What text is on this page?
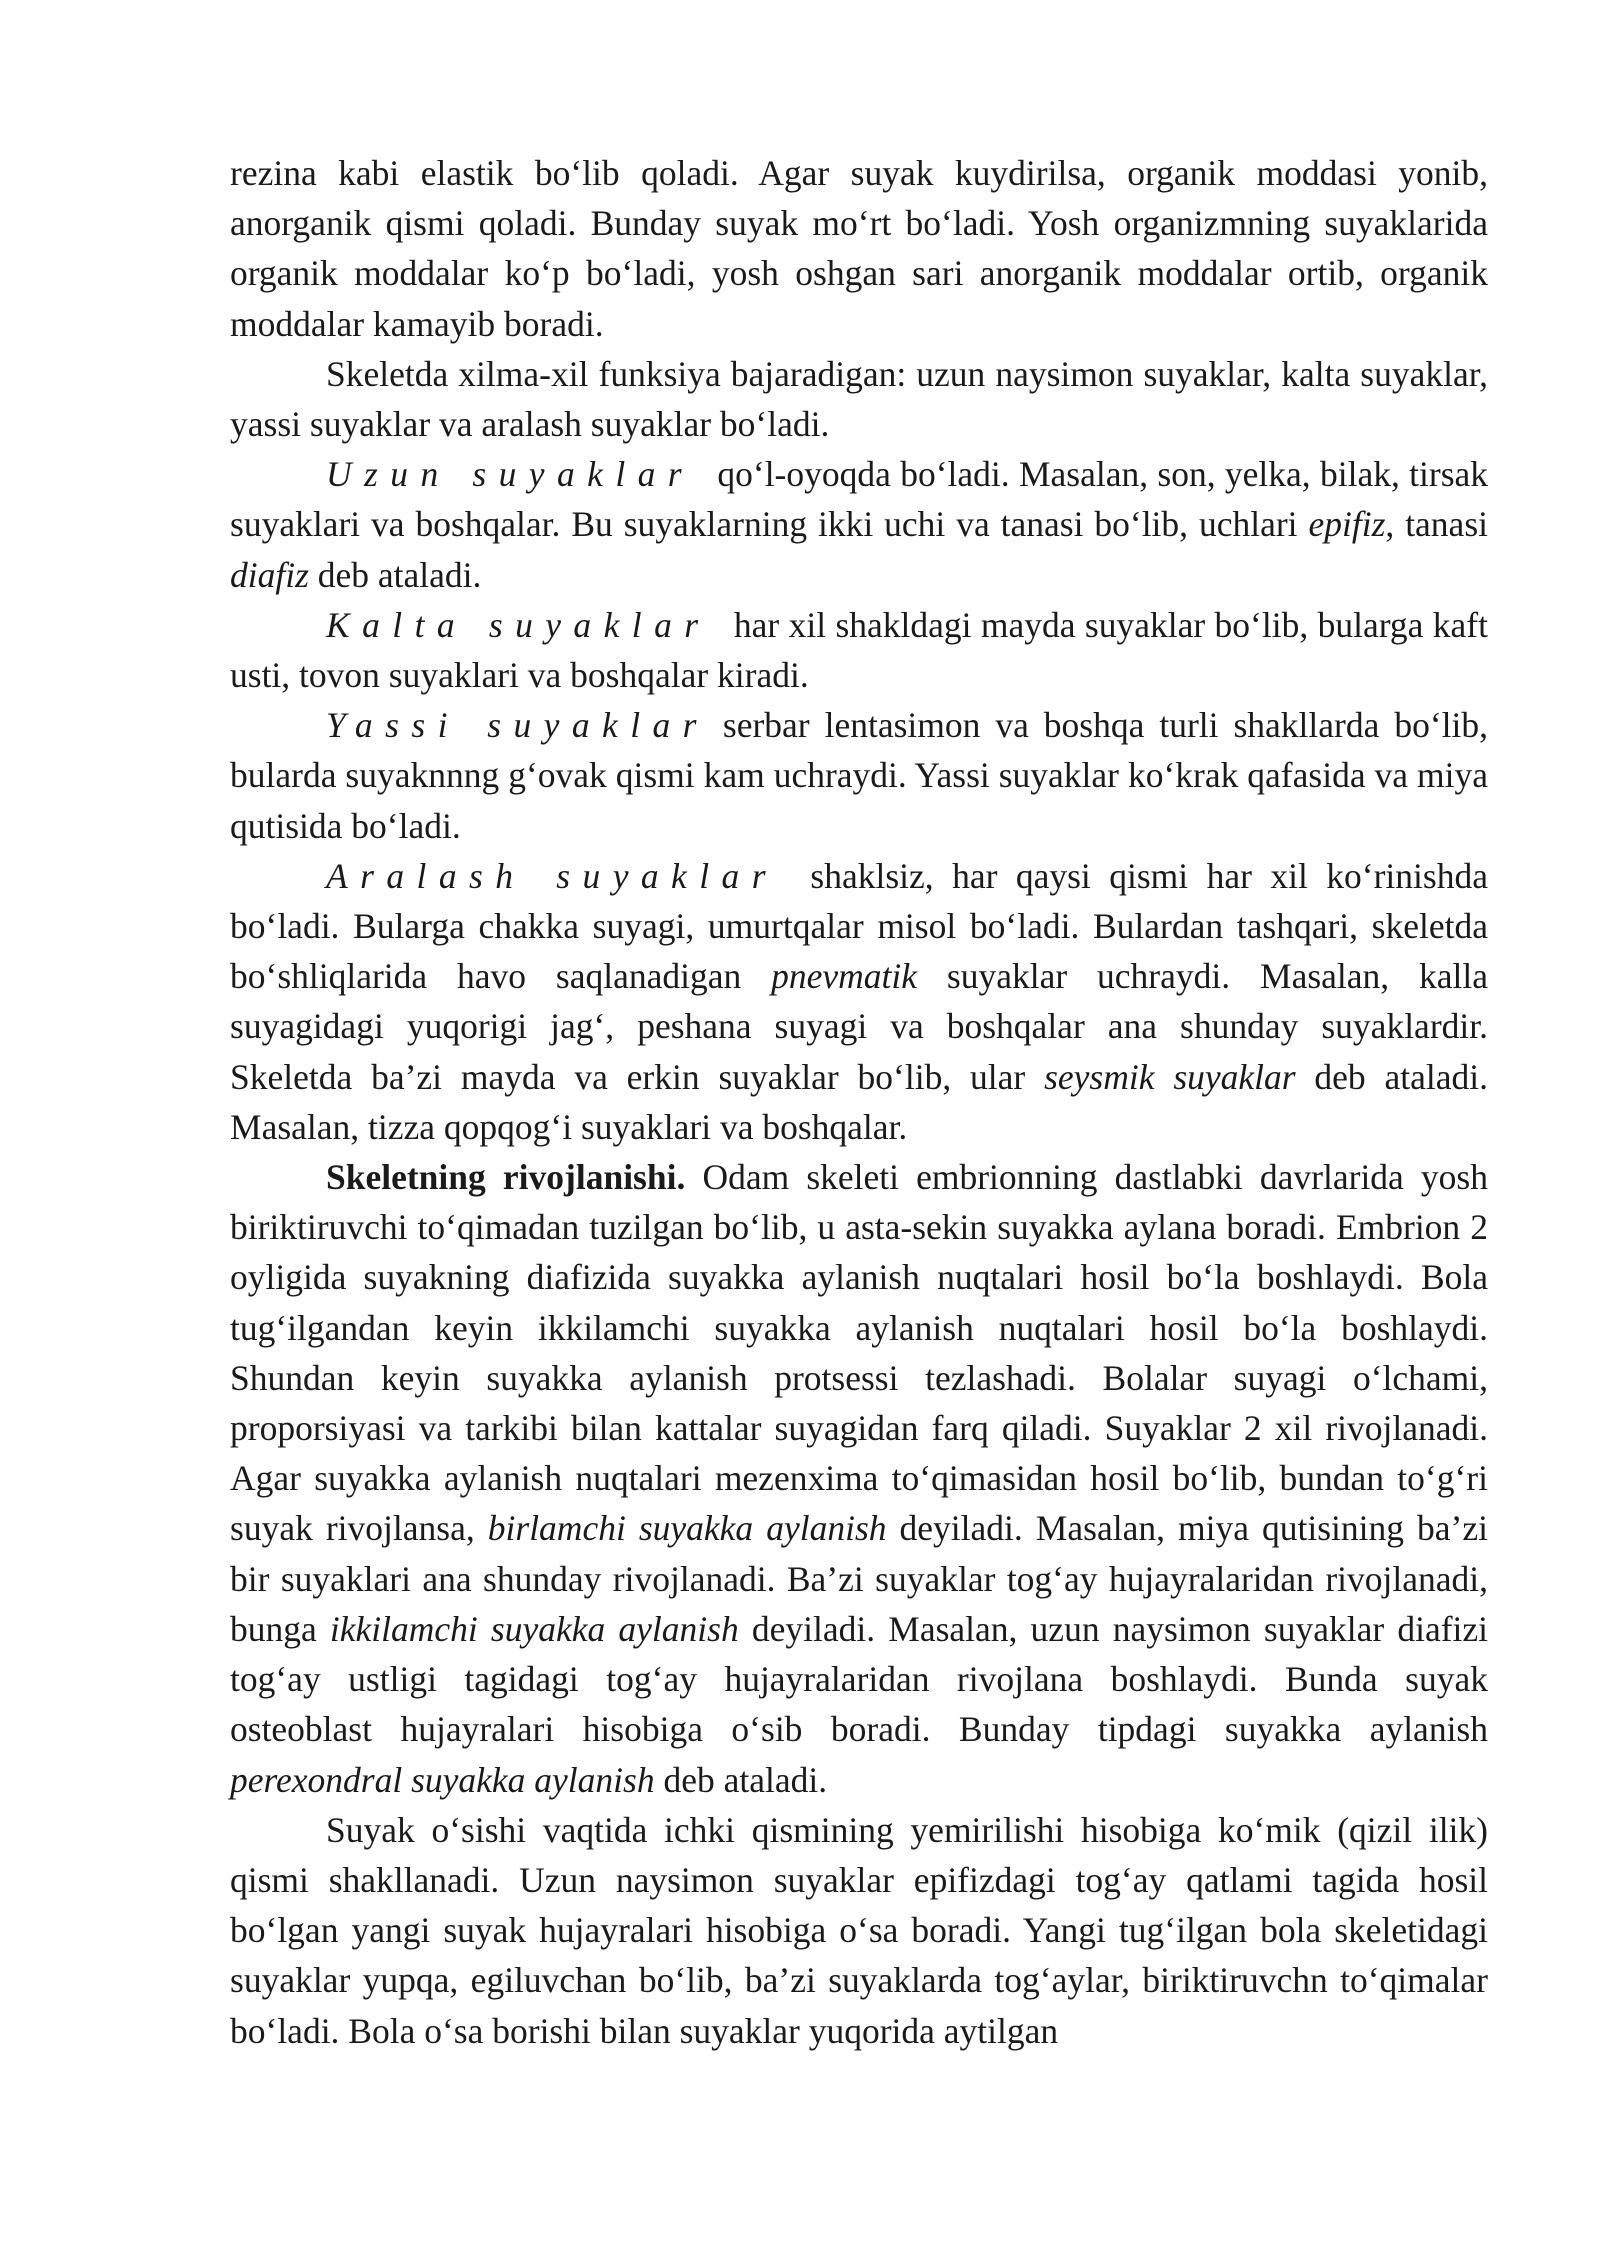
rezina kabi elastik bo‘lib qoladi. Agar suyak kuydirilsa, organik moddasi yonib, anorganik qismi qoladi. Bunday suyak mo‘rt bo‘ladi. Yosh organizmning suyaklarida organik moddalar ko‘p bo‘ladi, yosh oshgan sari anorganik moddalar ortib, organik moddalar kamayib boradi.

Skeletda xilma-xil funksiya bajaradigan: uzun naysimon suyaklar, kalta suyaklar, yassi suyaklar va aralash suyaklar bo‘ladi.

Uzun suyaklar qo‘l-oyoqda bo‘ladi. Masalan, son, yelka, bilak, tirsak suyaklari va boshqalar. Bu suyaklarning ikki uchi va tanasi bo‘lib, uchlari epifiz, tanasi diafiz deb ataladi.

Kalta suyaklar har xil shakldagi mayda suyaklar bo‘lib, bularga kaft usti, tovon suyaklari va boshqalar kiradi.

Yassi suyaklar serbar lentasimon va boshqa turli shakllarda bo‘lib, bularda suyaknnng g‘ovak qismi kam uchraydi. Yassi suyaklar ko‘krak qafasida va miya qutisida bo‘ladi.

Aralash suyaklar shaklsiz, har qaysi qismi har xil ko‘rinishda bo‘ladi. Bularga chakka suyagi, umurtqalar misol bo‘ladi. Bulardan tashqari, skeletda bo‘shliqlarida havo saqlanadigan pnevmatik suyaklar uchraydi. Masalan, kalla suyagidagi yuqorigi jag‘, peshana suyagi va boshqalar ana shunday suyaklardir. Skeletda ba’zi mayda va erkin suyaklar bo‘lib, ular seysmik suyaklar deb ataladi. Masalan, tizza qopqog‘i suyaklari va boshqalar.

Skeletning rivojlanishi. Odam skeleti embrionning dastlabki davrlarida yosh biriktiruvchi to‘qimadan tuzilgan bo‘lib, u asta-sekin suyakka aylana boradi. Embrion 2 oyligida suyakning diafizida suyakka aylanish nuqtalari hosil bo‘la boshlaydi. Bola tug‘ilgandan keyin ikkilamchi suyakka aylanish nuqtalari hosil bo‘la boshlaydi. Shundan keyin suyakka aylanish protsessi tezlashadi. Bolalar suyagi o‘lchami, proporsiyasi va tarkibi bilan kattalar suyagidan farq qiladi. Suyaklar 2 xil rivojlanadi. Agar suyakka aylanish nuqtalari mezenxima to‘qimasidan hosil bo‘lib, bundan to‘g‘ri suyak rivojlansa, birlamchi suyakka aylanish deyiladi. Masalan, miya qutisining ba’zi bir suyaklari ana shunday rivojlanadi. Ba’zi suyaklar tog‘ay hujayralaridan rivojlanadi, bunga ikkilamchi suyakka aylanish deyiladi. Masalan, uzun naysimon suyaklar diafizi tog‘ay ustligi tagidagi tog‘ay hujayralaridan rivojlana boshlaydi. Bunda suyak osteoblast hujayralari hisobiga o‘sib boradi. Bunday tipdagi suyakka aylanish perexondral suyakka aylanish deb ataladi.

Suyak o‘sishi vaqtida ichki qismining yemirilishi hisobiga ko‘mik (qizil ilik) qismi shakllanadi. Uzun naysimon suyaklar epifizdagi tog‘ay qatlami tagida hosil bo‘lgan yangi suyak hujayralari hisobiga o‘sa boradi. Yangi tug‘ilgan bola skeletidagi suyaklar yupqa, egiluvchan bo‘lib, ba’zi suyaklarda tog‘aylar, biriktiruvchn to‘qimalar bo‘ladi. Bola o‘sa borishi bilan suyaklar yuqorida aytilgan
